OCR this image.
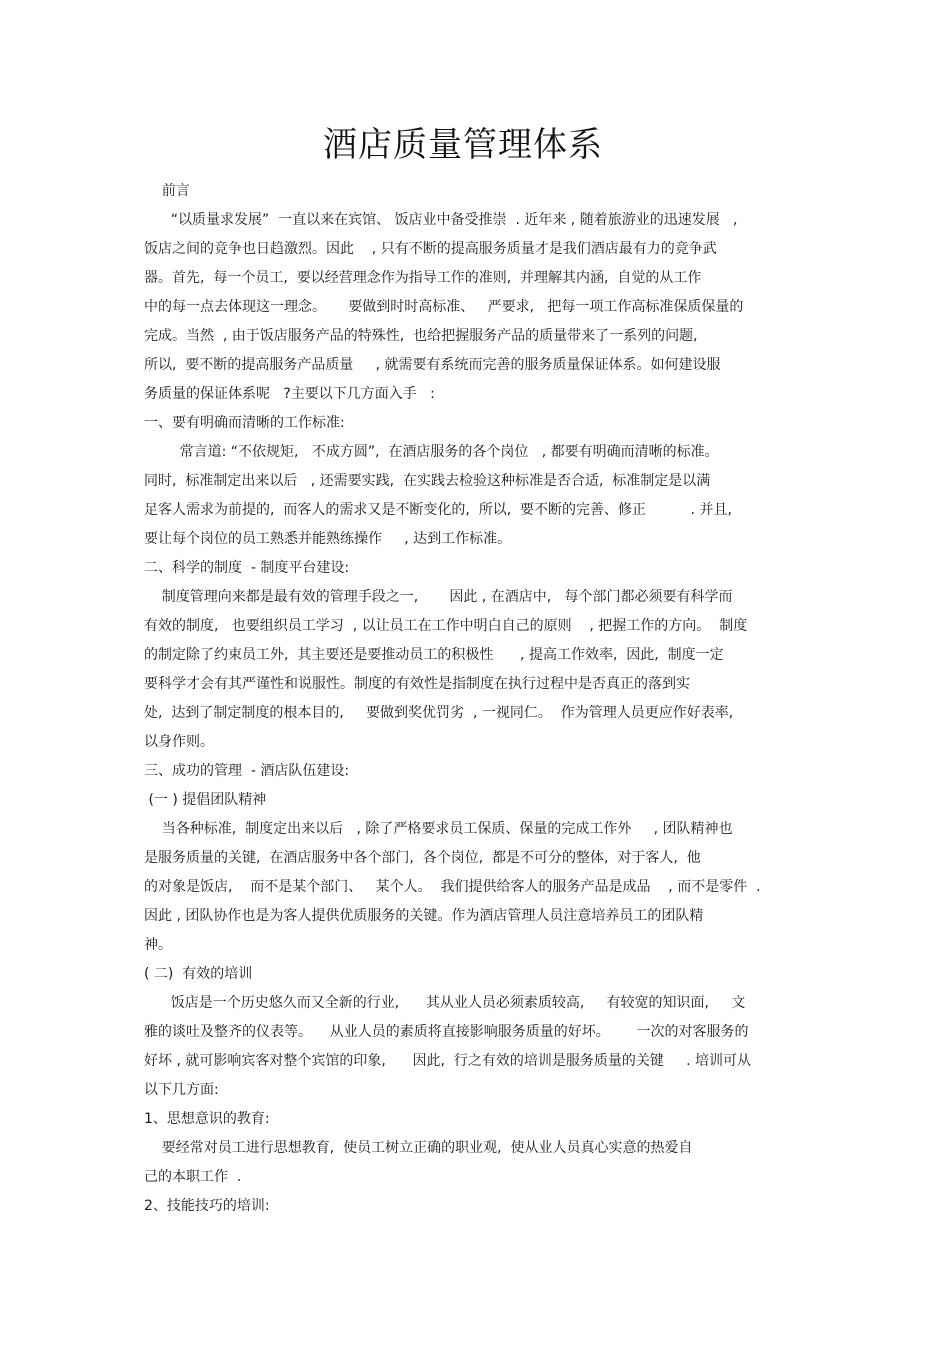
酒店质量管理体系
前言
“以质量求发展”  一直以来在宾馆、 饭店业中备受推崇  . 近年来 , 随着旅游业的迅速发展   ,
饭店之间的竞争也日趋激烈。因此    , 只有不断的提高服务质量才是我们酒店最有力的竞争武
器。首先,  每一个员工,  要以经营理念作为指导工作的准则,  并理解其内涵,  自觉的从工作
中的每一点去体现这一理念。     要做到时时高标准、   严要求,   把每一项工作高标准保质保量的
完成。当然  , 由于饭店服务产品的特殊性,  也给把握服务产品的质量带来了一系列的问题,
所以,  要不断的提高服务产品质量     , 就需要有系统而完善的服务质量保证体系。如何建设服
务质量的保证体系呢   ?主要以下几方面入手   :
一、要有明确而清晰的工作标准:
常言道: “不依规矩,   不成方圆”,  在酒店服务的各个岗位   , 都要有明确而清晰的标准。
同时,  标准制定出来以后   , 还需要实践,  在实践去检验这种标准是否合适,  标准制定是以满
足客人需求为前提的,  而客人的需求又是不断变化的,  所以,  要不断的完善、修正          . 并且,
要让每个岗位的员工熟悉并能熟练操作     , 达到工作标准。
二、科学的制度  - 制度平台建设:
制度管理向来都是最有效的管理手段之一,       因此 , 在酒店中,   每个部门都必须要有科学而
有效的制度,   也要组织员工学习  , 以让员工在工作中明白自己的原则    , 把握工作的方向。  制度
的制定除了约束员工外,  其主要还是要推动员工的积极性      , 提高工作效率,  因此,  制度一定
要科学才会有其严谨性和说服性。制度的有效性是指制度在执行过程中是否真正的落到实
处,  达到了制定制度的根本目的,     要做到奖优罚劣  , 一视同仁。  作为管理人员更应作好表率,
以身作则。
三、成功的管理  - 酒店队伍建设:
(一 ) 提倡团队精神
当各种标准,  制度定出来以后   , 除了严格要求员工保质、保量的完成工作外     , 团队精神也
是服务质量的关键,  在酒店服务中各个部门,  各个岗位,  都是不可分的整体,  对于客人,  他
的对象是饭店,    而不是某个部门、   某个人。  我们提供给客人的服务产品是成品    , 而不是零件  .
因此 , 团队协作也是为客人提供优质服务的关键。作为酒店管理人员注意培养员工的团队精
神。
( 二)  有效的培训
饭店是一个历史悠久而又全新的行业,      其从业人员必须素质较高,     有较宽的知识面,     文
雅的谈吐及整齐的仪表等。    从业人员的素质将直接影响服务质量的好坏。      一次的对客服务的
好坏 , 就可影响宾客对整个宾馆的印象,      因此,  行之有效的培训是服务质量的关键     . 培训可从
以下几方面:
1、思想意识的教育:
要经常对员工进行思想教育,  使员工树立正确的职业观,  使从业人员真心实意的热爱自
己的本职工作  .
2、技能技巧的培训:
